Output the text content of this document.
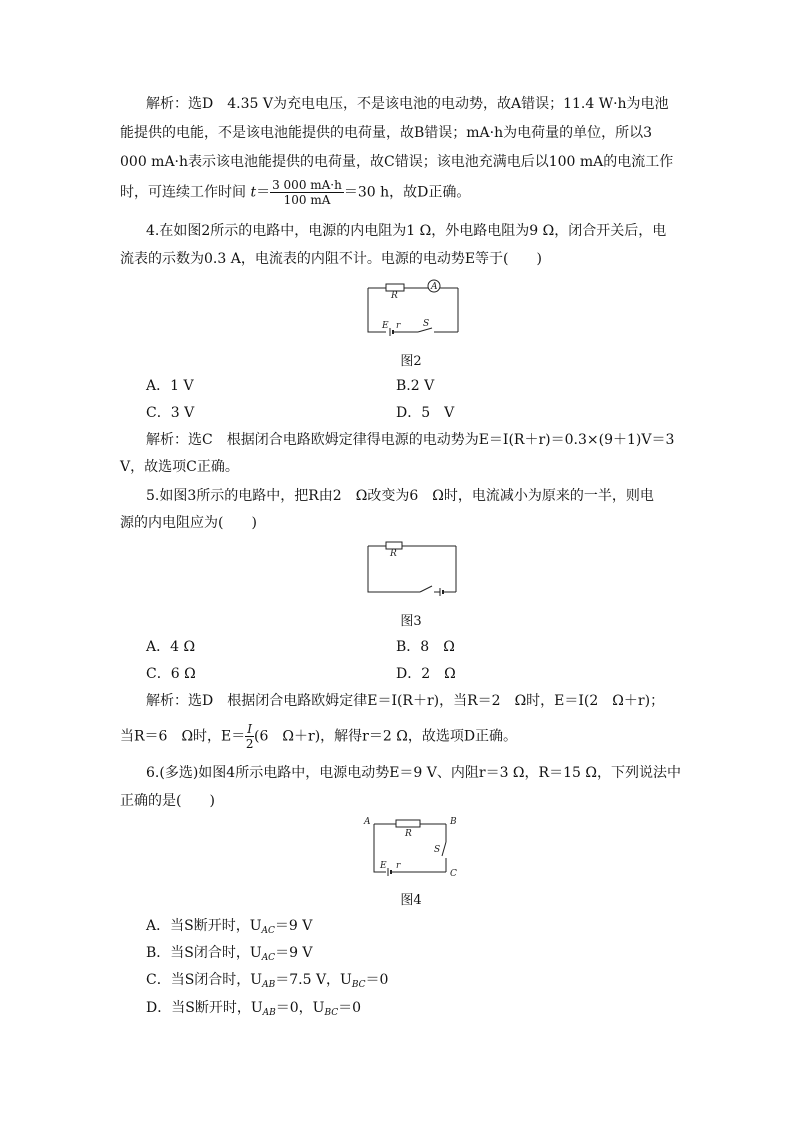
解析：选D　4.35 V为充电电压，不是该电池的电动势，故A错误；11.4 W·h为电池
能提供的电能，不是该电池能提供的电荷量，故B错误；mA·h为电荷量的单位，所以3
000 mA·h表示该电池能提供的电荷量，故C错误；该电池充满电后以100 mA的电流工作
时，可连续工作时间 $t= \frac{3 000 mA\cdot h}{100 mA} =30$ h，故D正确。
4.在如图2所示的电路中，电源的内电阻为1 Ω，外电路电阻为9 Ω，闭合开关后，电
流表的示数为0.3 A，电流表的内阻不计。电源的电动势E等于(　　)
A
R
E r	S
图2
A．1 V	B.2 V
C．3 V	D．5　V
解析：选C　根据闭合电路欧姆定律得电源的电动势为E＝I(R＋r)＝0.3×(9＋1)V＝3
V，故选项C正确。
5.如图3所示的电路中，把R由2　Ω改变为6　Ω时，电流减小为原来的一半，则电
源的内电阻应为(　　)
R
图3
A．4 Ω	B．8　Ω
C．6 Ω	D．2　Ω
解析：选D　根据闭合电路欧姆定律E＝I(R＋r)，当R＝2　Ω时，E＝I(2　Ω＋r)；
当R＝6　Ω时，$E= \frac{I}{2} (6$　Ω＋r)，解得r＝2 Ω，故选项D正确。
6.(多选)如图4所示电路中，电源电动势E＝9 V、内阻r＝3 Ω，R＝15 Ω，下列说法中
正确的是(　　)
A	B
C
R
E r
S
图4
A．当S断开时，$U_{AC}=9$ V
B．当S闭合时，$U_{AC}=9$ V
C．当S闭合时，$U_{AB}=7.5$ V，$U_{BC}=0$
D．当S断开时，$U_{AB}=0$，$U_{BC}=0$
